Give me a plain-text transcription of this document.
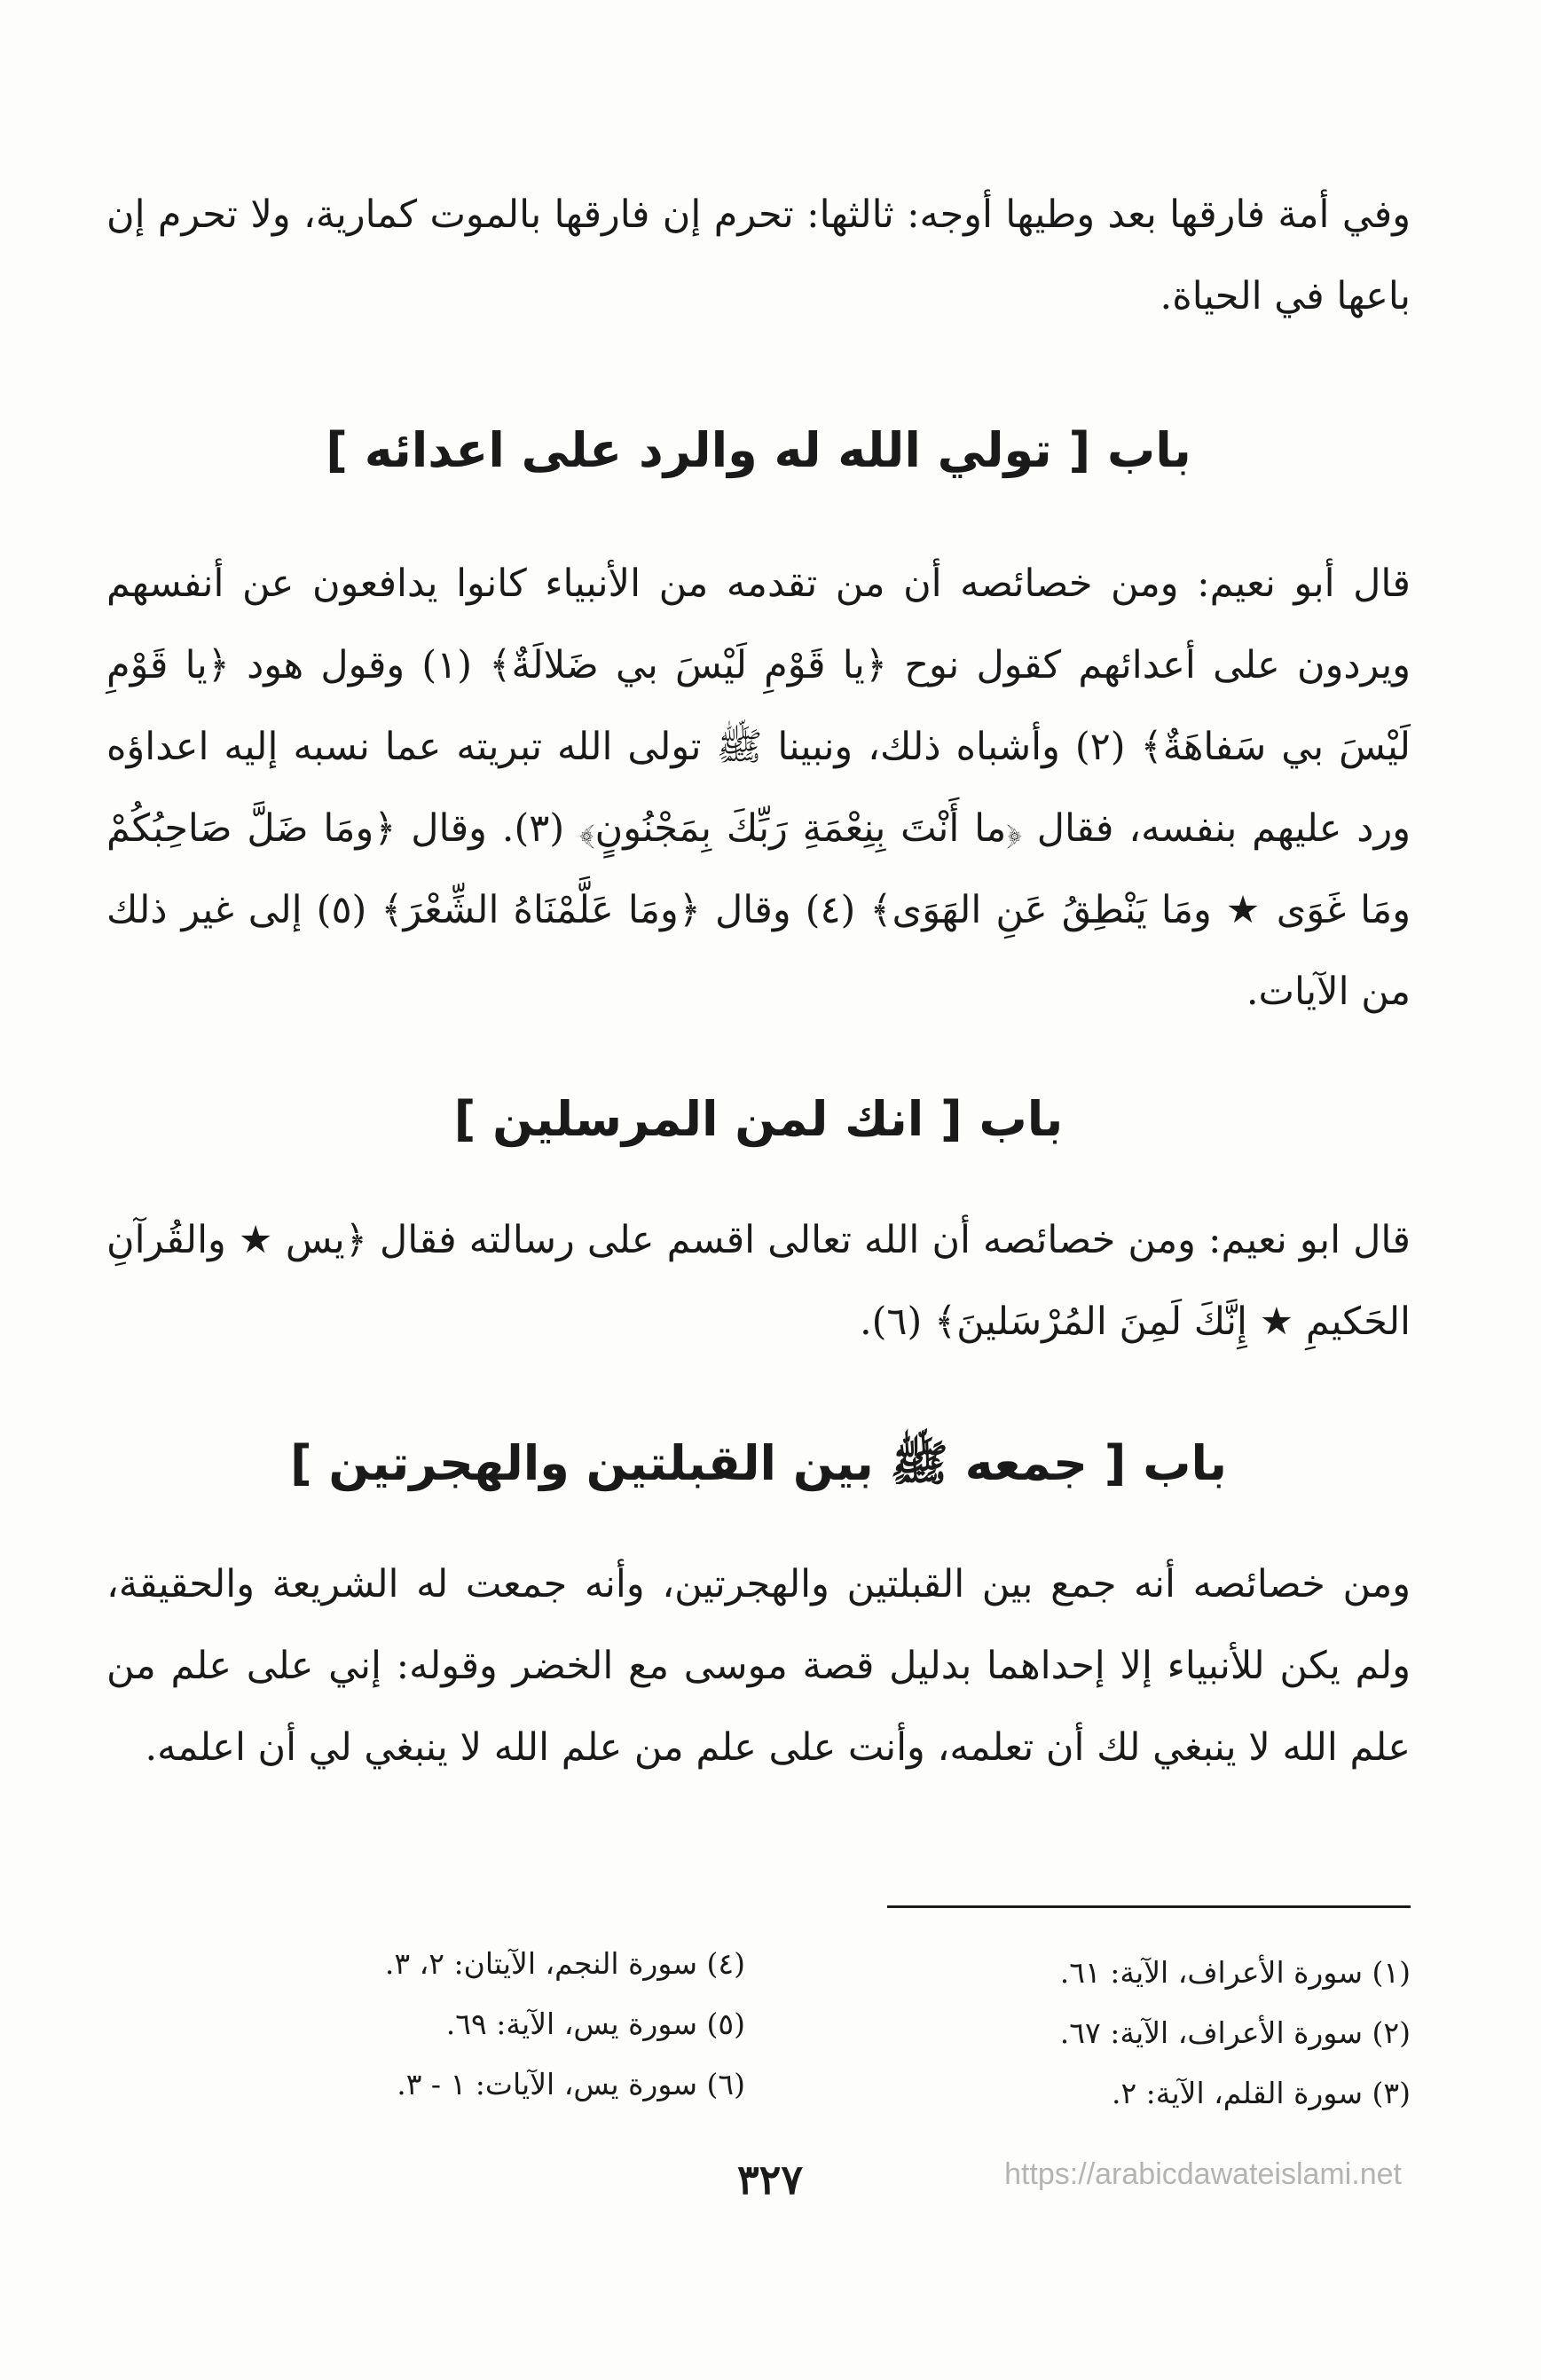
وفي أمة فارقها بعد وطيها أوجه: ثالثها: تحرم إن فارقها بالموت كمارية، ولا تحرم إن باعها في الحياة.

باب [ تولي الله له والرد على اعدائه ]

قال أبو نعيم: ومن خصائصه أن من تقدمه من الأنبياء كانوا يدافعون عن أنفسهم ويردون على أعدائهم كقول نوح ﴿يا قَوْمِ لَيْسَ بي ضَلالَةٌ﴾ (١) وقول هود ﴿يا قَوْمِ لَيْسَ بي سَفاهَةٌ﴾ (٢) وأشباه ذلك، ونبينا ﷺ تولى الله تبريته عما نسبه إليه اعداؤه ورد عليهم بنفسه، فقال ﴿ما أَنْتَ بِنِعْمَةِ رَبِّكَ بِمَجْنُونٍ﴾ (٣). وقال ﴿ومَا ضَلَّ صَاحِبُكُمْ ومَا غَوَى ★ ومَا يَنْطِقُ عَنِ الهَوَى﴾ (٤) وقال ﴿ومَا عَلَّمْنَاهُ الشِّعْرَ﴾ (٥) إلى غير ذلك من الآيات.

باب [ انك لمن المرسلين ]

قال ابو نعيم: ومن خصائصه أن الله تعالى اقسم على رسالته فقال ﴿يس ★ والقُرآنِ الحَكيمِ ★ إِنَّكَ لَمِنَ المُرْسَلينَ﴾ (٦).

باب [ جمعه ﷺ بين القبلتين والهجرتين ]

ومن خصائصه أنه جمع بين القبلتين والهجرتين، وأنه جمعت له الشريعة والحقيقة، ولم يكن للأنبياء إلا إحداهما بدليل قصة موسى مع الخضر وقوله: إني على علم من علم الله لا ينبغي لك أن تعلمه، وأنت على علم من علم الله لا ينبغي لي أن اعلمه.

(١) سورة الأعراف، الآية: ٦١.
(٢) سورة الأعراف، الآية: ٦٧.
(٣) سورة القلم، الآية: ٢.
(٤) سورة النجم، الآيتان: ٢، ٣.
(٥) سورة يس، الآية: ٦٩.
(٦) سورة يس، الآيات: ١ - ٣.
٣٢٧	https://arabicdawateislami.net
